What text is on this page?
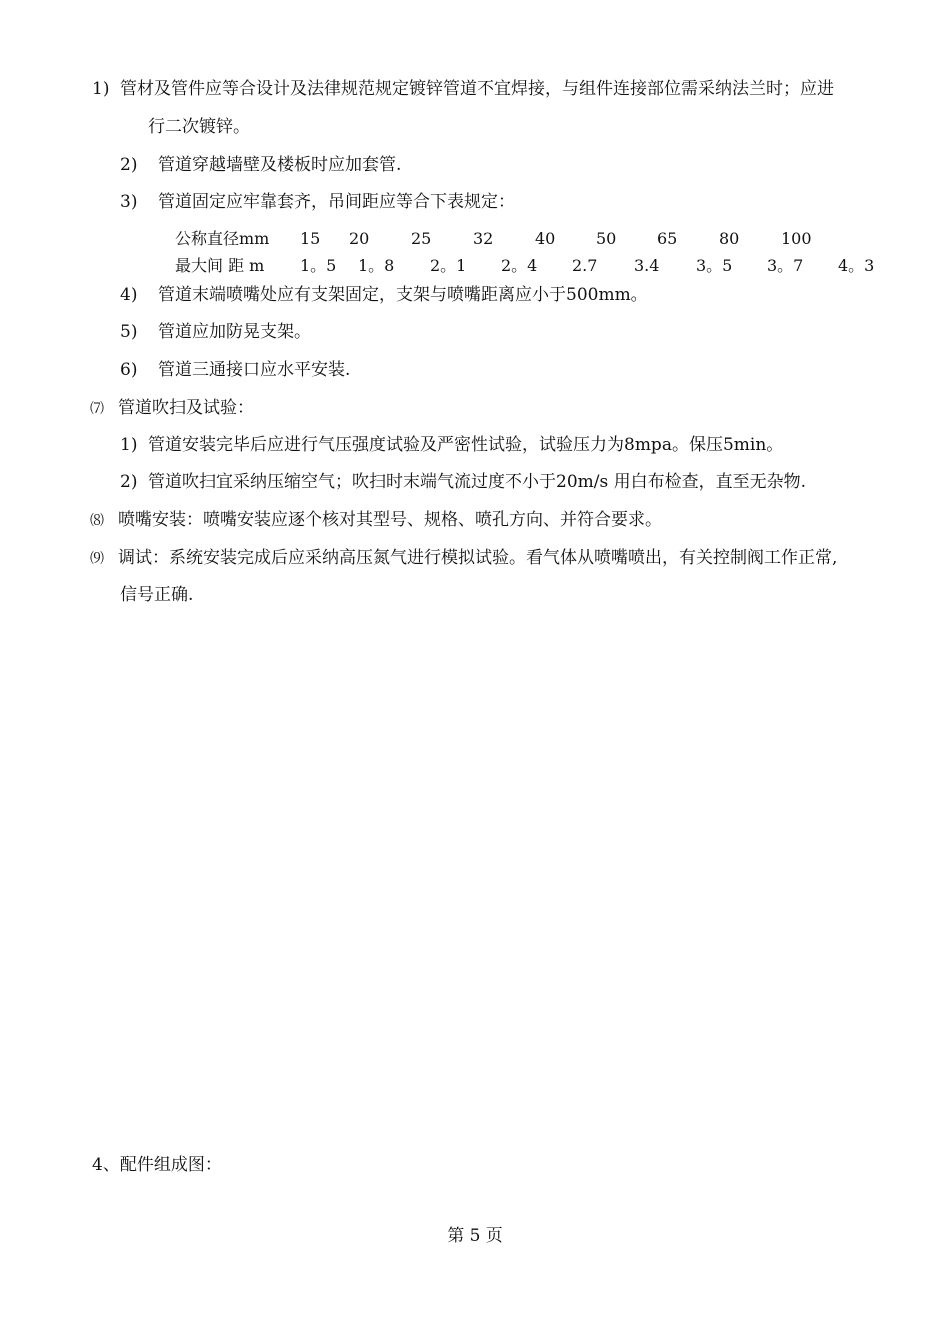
1) 管材及管件应等合设计及法律规范规定镀锌管道不宜焊接，与组件连接部位需采纳法兰时；应进
行二次镀锌。
2) 管道穿越墙壁及楼板时应加套管.
3) 管道固定应牢靠套齐，吊间距应等合下表规定：
公称直径mm 15 20	25	32	40	50	65	80	100
最大间 距 m 1。5 1。8 2。1 2。4 2.7 3.4 3。5 3。7 4。3
4) 管道末端喷嘴处应有支架固定，支架与喷嘴距离应小于500mm。
5) 管道应加防晃支架。
6) 管道三通接口应水平安装.
⑺ 管道吹扫及试验：
1) 管道安装完毕后应进行气压强度试验及严密性试验，试验压力为8mpa。保压5min。
2) 管道吹扫宜采纳压缩空气；吹扫时末端气流过度不小于20m/s 用白布检查，直至无杂物.
⑻ 喷嘴安装：喷嘴安装应逐个核对其型号、规格、喷孔方向、并符合要求。
⑼ 调试：系统安装完成后应采纳高压氮气进行模拟试验。看气体从喷嘴喷出，有关控制阀工作正常,
信号正确.
4、配件组成图：
第 5 页
